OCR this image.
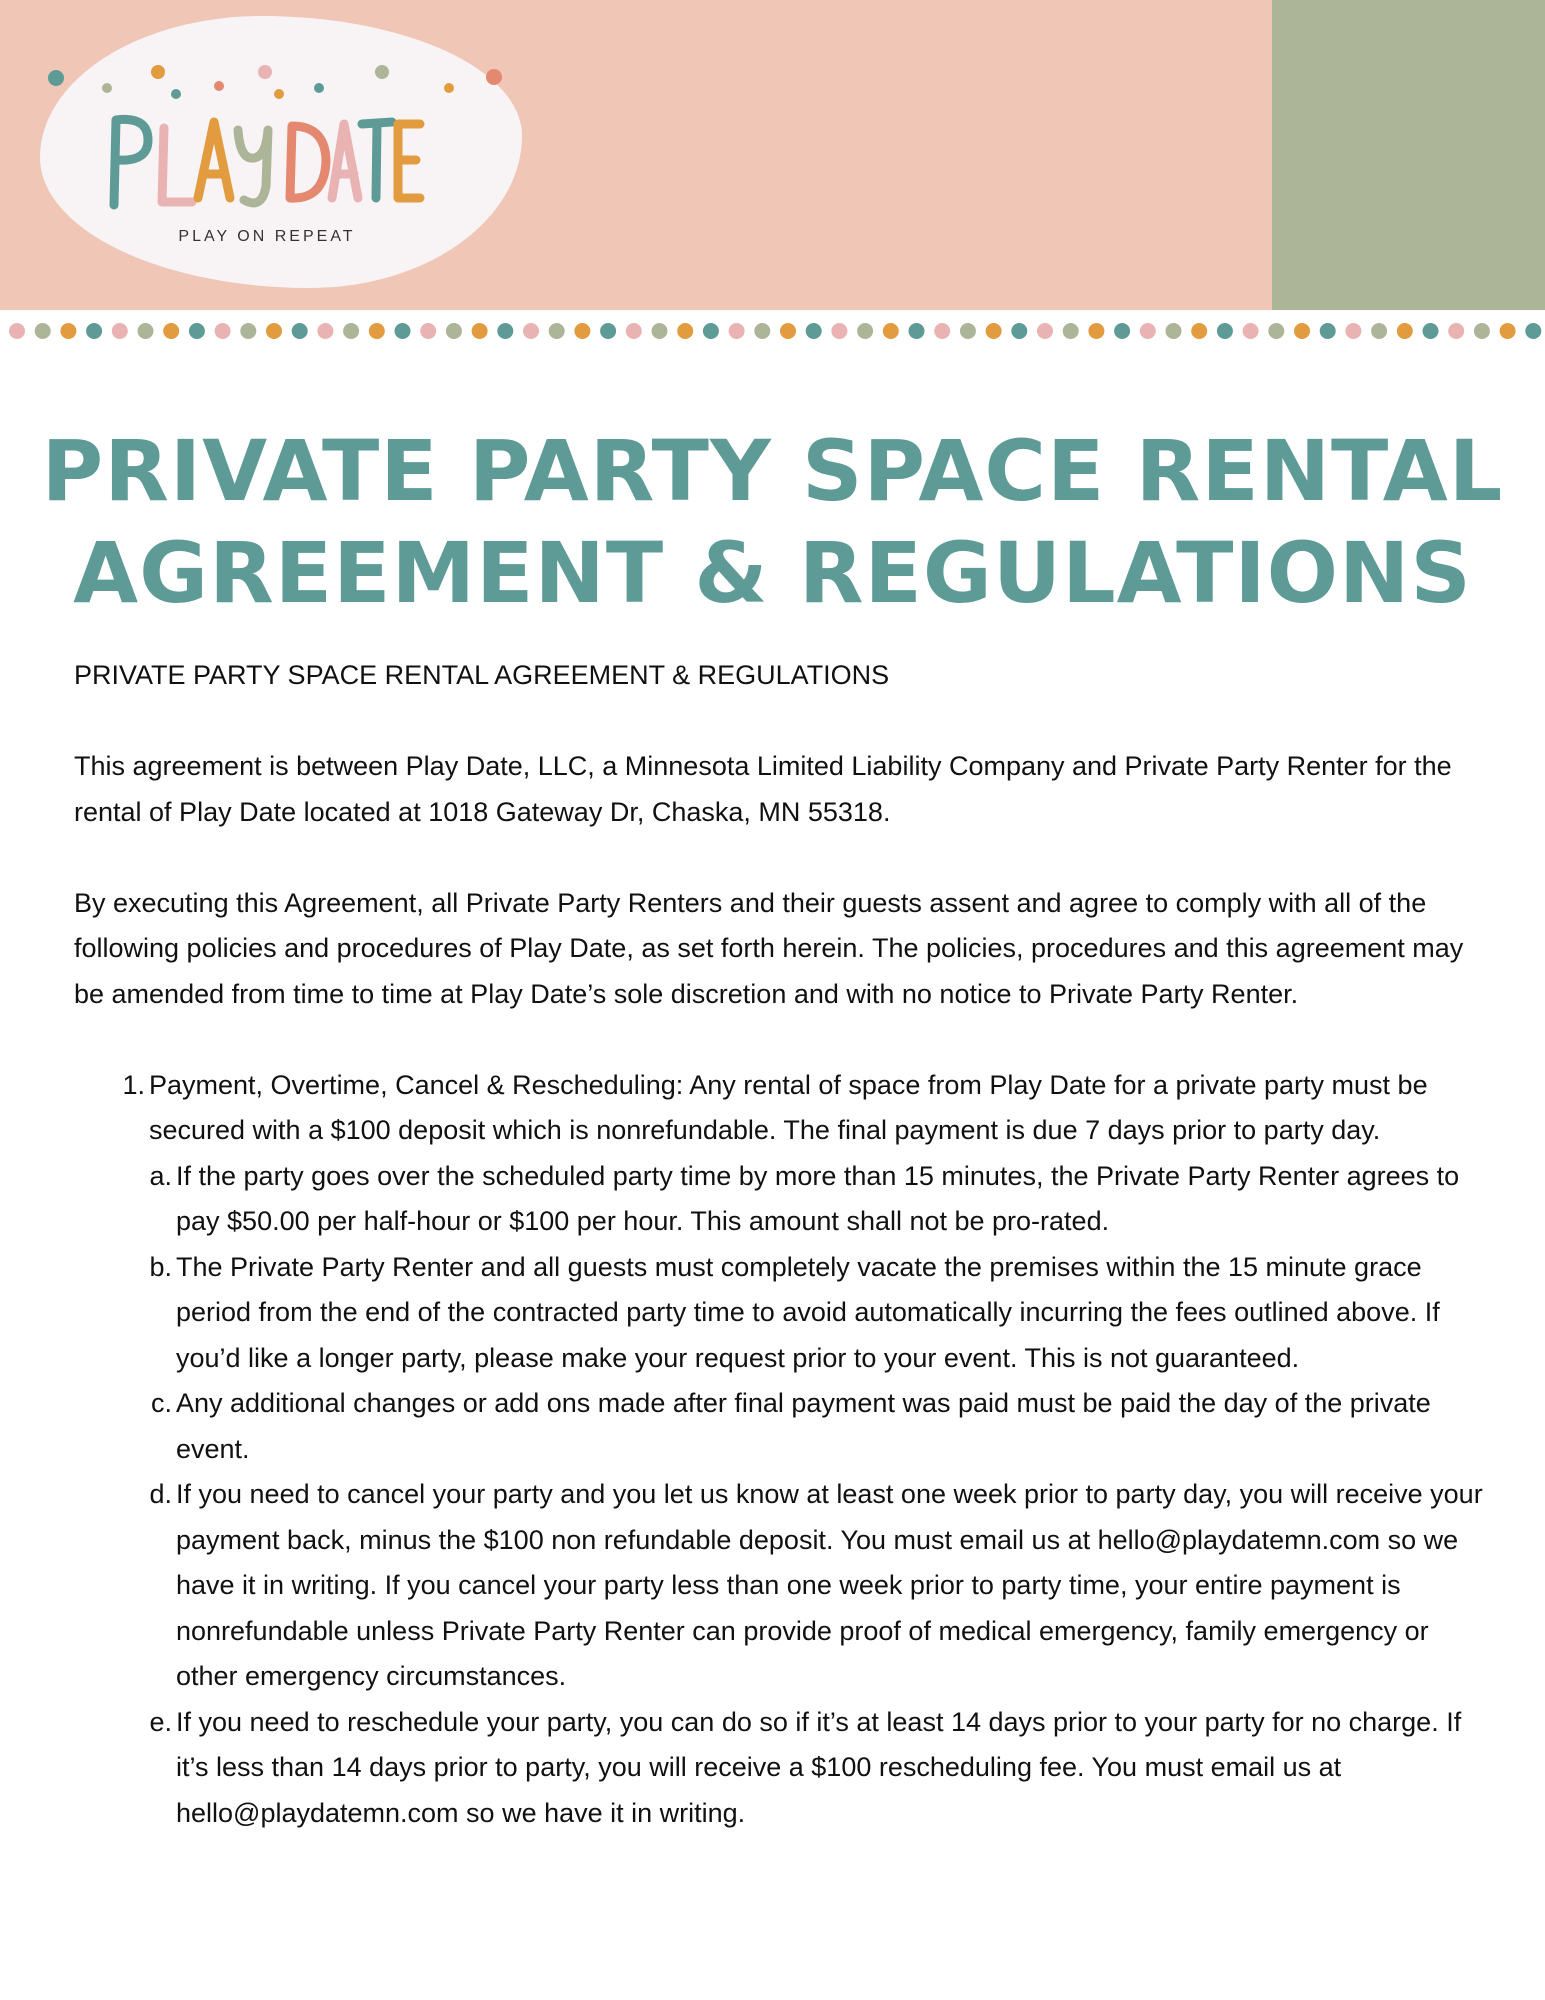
PLAY ON REPEAT
PRIVATE PARTY SPACE RENTAL AGREEMENT & REGULATIONS

PRIVATE PARTY SPACE RENTAL AGREEMENT & REGULATIONS

This agreement is between Play Date, LLC, a Minnesota Limited Liability Company and Private Party Renter for the rental of Play Date located at 1018 Gateway Dr, Chaska, MN 55318.

By executing this Agreement, all Private Party Renters and their guests assent and agree to comply with all of the following policies and procedures of Play Date, as set forth herein. The policies, procedures and this agreement may be amended from time to time at Play Date’s sole discretion and with no notice to Private Party Renter.

1. Payment, Overtime, Cancel & Rescheduling: Any rental of space from Play Date for a private party must be secured with a $100 deposit which is nonrefundable. The final payment is due 7 days prior to party day.
a. If the party goes over the scheduled party time by more than 15 minutes, the Private Party Renter agrees to pay $50.00 per half-hour or $100 per hour. This amount shall not be pro-rated.
b. The Private Party Renter and all guests must completely vacate the premises within the 15 minute grace period from the end of the contracted party time to avoid automatically incurring the fees outlined above. If you’d like a longer party, please make your request prior to your event. This is not guaranteed.
c. Any additional changes or add ons made after final payment was paid must be paid the day of the private event.
d. If you need to cancel your party and you let us know at least one week prior to party day, you will receive your payment back, minus the $100 non refundable deposit. You must email us at hello@playdatemn.com so we have it in writing. If you cancel your party less than one week prior to party time, your entire payment is nonrefundable unless Private Party Renter can provide proof of medical emergency, family emergency or other emergency circumstances.
e. If you need to reschedule your party, you can do so if it’s at least 14 days prior to your party for no charge. If it’s less than 14 days prior to party, you will receive a $100 rescheduling fee. You must email us at hello@playdatemn.com so we have it in writing.
